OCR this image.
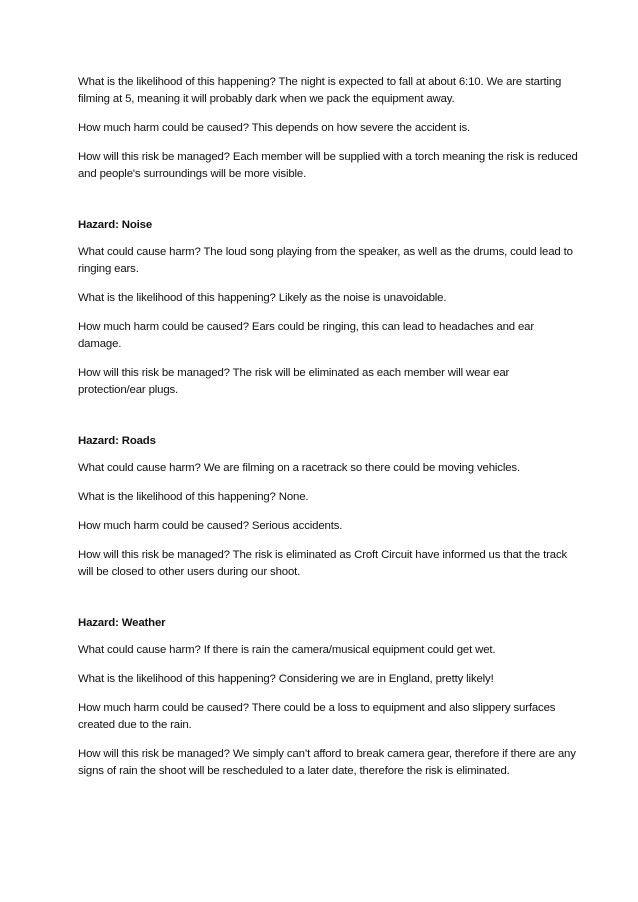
What is the likelihood of this happening? The night is expected to fall at about 6:10. We are starting filming at 5, meaning it will probably dark when we pack the equipment away.

How much harm could be caused? This depends on how severe the accident is.

How will this risk be managed? Each member will be supplied with a torch meaning the risk is reduced and people's surroundings will be more visible.

Hazard: Noise

What could cause harm? The loud song playing from the speaker, as well as the drums, could lead to ringing ears.

What is the likelihood of this happening? Likely as the noise is unavoidable.

How much harm could be caused? Ears could be ringing, this can lead to headaches and ear damage.

How will this risk be managed? The risk will be eliminated as each member will wear ear protection/ear plugs.

Hazard: Roads

What could cause harm? We are filming on a racetrack so there could be moving vehicles.

What is the likelihood of this happening? None.

How much harm could be caused? Serious accidents.

How will this risk be managed? The risk is eliminated as Croft Circuit have informed us that the track will be closed to other users during our shoot.

Hazard: Weather

What could cause harm? If there is rain the camera/musical equipment could get wet.

What is the likelihood of this happening? Considering we are in England, pretty likely!

How much harm could be caused? There could be a loss to equipment and also slippery surfaces created due to the rain.

How will this risk be managed? We simply can’t afford to break camera gear, therefore if there are any signs of rain the shoot will be rescheduled to a later date, therefore the risk is eliminated.
